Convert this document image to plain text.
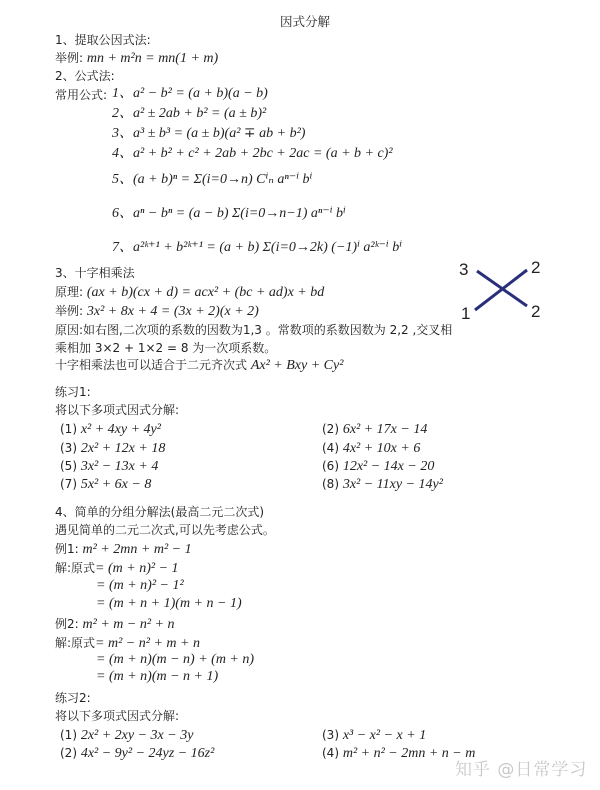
因式分解
1、提取公因式法:
举例: mn + m²n = mn(1 + m)
2、公式法:
常用公式: 1、a² − b² = (a + b)(a − b)
2、a² ± 2ab + b² = (a ± b)²
3、a³ ± b³ = (a ± b)(a² ∓ ab + b²)
4、a² + b² + c² + 2ab + 2bc + 2ac = (a + b + c)²
5、(a + b)ⁿ = Σ(i=0→n) Cⁱₙ aⁿ⁻ⁱ bⁱ
6、aⁿ − bⁿ = (a − b) Σ(i=0→n−1) aⁿ⁻ⁱ bⁱ
7、a²ᵏ⁺¹ + b²ᵏ⁺¹ = (a + b) Σ(i=0→2k) (−1)ⁱ a²ᵏ⁻ⁱ bⁱ
3、十字相乘法
原理: (ax + b)(cx + d) = acx² + (bc + ad)x + bd
举例: 3x² + 8x + 4 = (3x + 2)(x + 2)
原因:如右图,二次项的系数的因数为1,3 。常数项的系数因数为 2,2 ,交叉相
乘相加 3×2 + 1×2 = 8 为一次项系数。
十字相乘法也可以适合于二元齐次式 Ax² + Bxy + Cy²
3	2
1	2
练习1:
将以下多项式因式分解:
(1) x² + 4xy + 4y²	(2) 6x² + 17x − 14
(3) 2x² + 12x + 18	(4) 4x² + 10x + 6
(5) 3x² − 13x + 4	(6) 12x² − 14x − 20
(7) 5x² + 6x − 8	(8) 3x² − 11xy − 14y²
4、简单的分组分解法(最高二元二次式)
遇见简单的二元二次式,可以先考虑公式。
例1: m² + 2mn + m² − 1
解:原式= (m + n)² − 1
= (m + n)² − 1²
= (m + n + 1)(m + n − 1)
例2: m² + m − n² + n
解:原式= m² − n² + m + n
= (m + n)(m − n) + (m + n)
= (m + n)(m − n + 1)
练习2:
将以下多项式因式分解:
(1) 2x² + 2xy − 3x − 3y	(3) x³ − x² − x + 1
(2) 4x² − 9y² − 24yz − 16z²	(4) m² + n² − 2mn + n − m
知乎 @日常学习
